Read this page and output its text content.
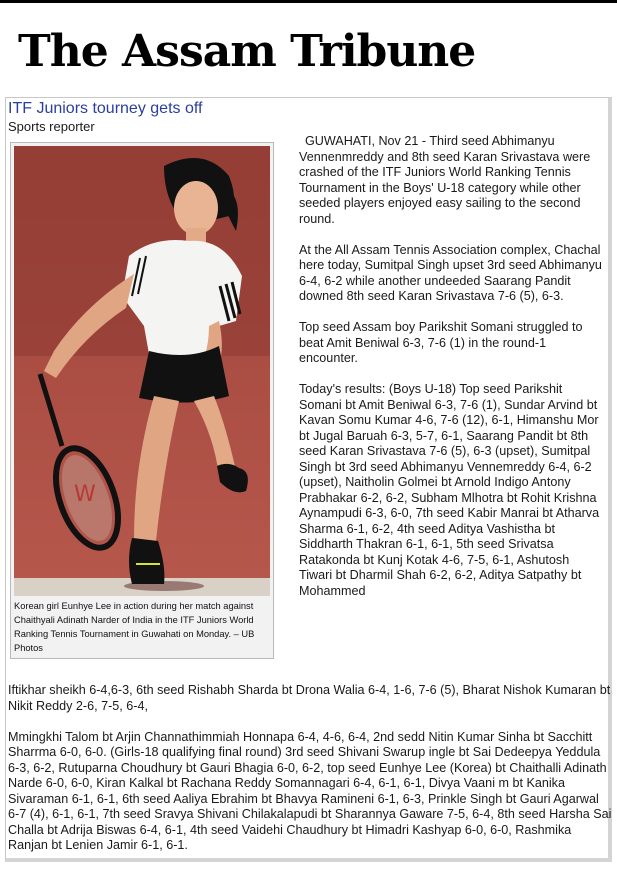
The Assam Tribune
ITF Juniors tourney gets off
Sports reporter
W
Korean girl Eunhye Lee in action during her match against Chaithyali Adinath Narder of India in the ITF Juniors World Ranking Tennis Tournament in Guwahati on Monday. – UB Photos

GUWAHATI, Nov 21 - Third seed Abhimanyu Vennenmreddy and 8th seed Karan Srivastava were crashed of the ITF Juniors World Ranking Tennis Tournament in the Boys' U-18 category while other seeded players enjoyed easy sailing to the second round.

At the All Assam Tennis Association complex, Chachal here today, Sumitpal Singh upset 3rd seed Abhimanyu 6-4, 6-2 while another undeeded Saarang Pandit downed 8th seed Karan Srivastava 7-6 (5), 6-3.

Top seed Assam boy Parikshit Somani struggled to beat Amit Beniwal 6-3, 7-6 (1) in the round-1 encounter.

Today's results: (Boys U-18) Top seed Parikshit Somani bt Amit Beniwal 6-3, 7-6 (1), Sundar Arvind bt Kavan Somu Kumar 4-6, 7-6 (12), 6-1, Himanshu Mor bt Jugal Baruah 6-3, 5-7, 6-1, Saarang Pandit bt 8th seed Karan Srivastava 7-6 (5), 6-3 (upset), Sumitpal Singh bt 3rd seed Abhimanyu Vennemreddy 6-4, 6-2 (upset), Naitholin Golmei bt Arnold Indigo Antony Prabhakar 6-2, 6-2, Subham Mlhotra bt Rohit Krishna Aynampudi 6-3, 6-0, 7th seed Kabir Manrai bt Atharva Sharma 6-1, 6-2, 4th seed Aditya Vashistha bt Siddharth Thakran 6-1, 6-1, 5th seed Srivatsa Ratakonda bt Kunj Kotak 4-6, 7-5, 6-1, Ashutosh Tiwari bt Dharmil Shah 6-2, 6-2, Aditya Satpathy bt Mohammed

Iftikhar sheikh 6-4,6-3, 6th seed Rishabh Sharda bt Drona Walia 6-4, 1-6, 7-6 (5), Bharat Nishok Kumaran bt Nikit Reddy 2-6, 7-5, 6-4,

Mmingkhi Talom bt Arjin Channathimmiah Honnapa 6-4, 4-6, 6-4, 2nd sedd Nitin Kumar Sinha bt Sacchitt Sharrma 6-0, 6-0. (Girls-18 qualifying final round) 3rd seed Shivani Swarup ingle bt Sai Dedeepya Yeddula 6-3, 6-2, Rutuparna Choudhury bt Gauri Bhagia 6-0, 6-2, top seed Eunhye Lee (Korea) bt Chaithalli Adinath Narde 6-0, 6-0, Kiran Kalkal bt Rachana Reddy Somannagari 6-4, 6-1, 6-1, Divya Vaani m bt Kanika Sivaraman 6-1, 6-1, 6th seed Aaliya Ebrahim bt Bhavya Ramineni 6-1, 6-3, Prinkle Singh bt Gauri Agarwal 6-7 (4), 6-1, 6-1, 7th seed Sravya Shivani Chilakalapudi bt Sharannya Gaware 7-5, 6-4, 8th seed Harsha Sai Challa bt Adrija Biswas 6-4, 6-1, 4th seed Vaidehi Chaudhury bt Himadri Kashyap 6-0, 6-0, Rashmika Ranjan bt Lenien Jamir 6-1, 6-1.
